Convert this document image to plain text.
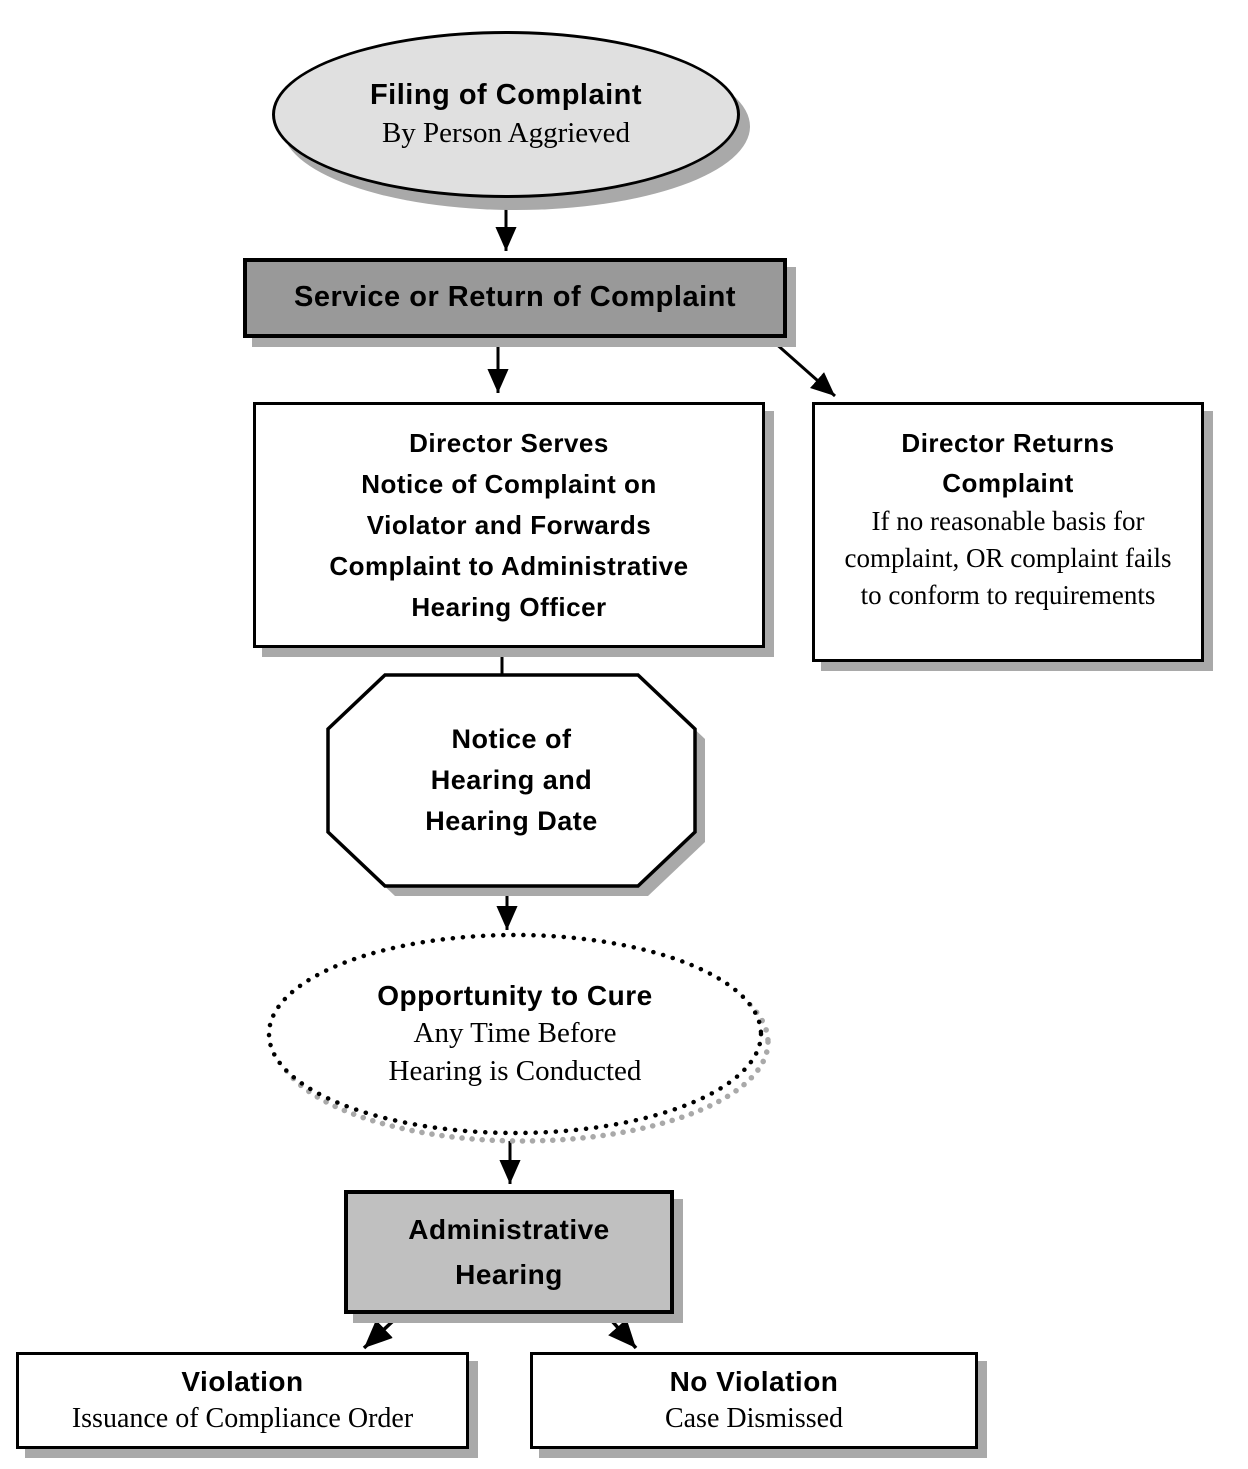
Filing of Complaint
By Person Aggrieved
Service or Return of Complaint
Director Serves
Notice of Complaint on
Violator and Forwards
Complaint to Administrative
Hearing Officer
Director Returns
Complaint
If no reasonable basis for complaint, OR complaint fails to conform to requirements
Notice of
Hearing and
Hearing Date
Opportunity to Cure
Any Time Before Hearing is Conducted
Administrative
Hearing
Violation
Issuance of Compliance Order
No Violation
Case Dismissed
